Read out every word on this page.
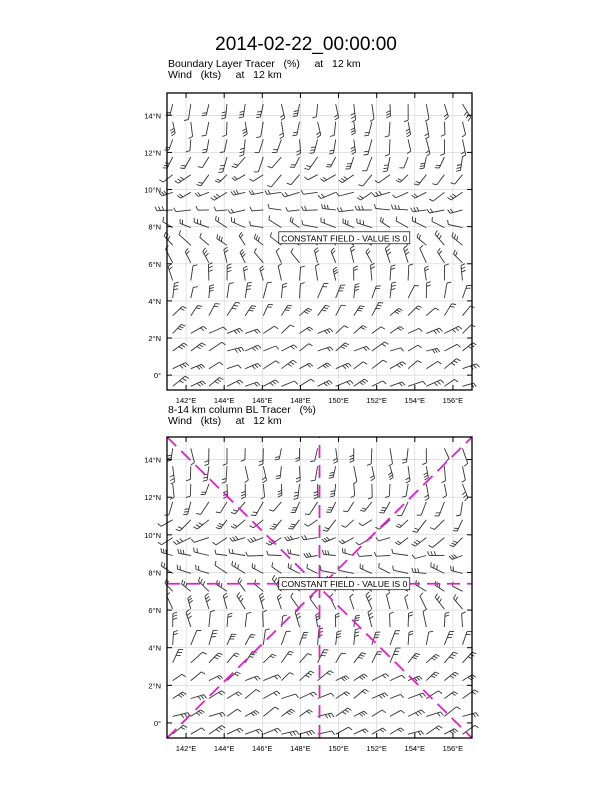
2014-02-22_00:00:00
Boundary Layer Tracer   (%)     at   12 km
Wind   (kts)     at   12 km
8-14 km column BL Tracer   (%)
Wind   (kts)     at   12 km
CONSTANT FIELD - VALUE IS 0
142°E 144°E 146°E 148°E 150°E 152°E 154°E 156°E
0°
2°N
4°N
6°N
8°N
10°N
12°N
14°N
CONSTANT FIELD - VALUE IS 0
142°E 144°E 146°E 148°E 150°E 152°E 154°E 156°E
0°
2°N
4°N
6°N
8°N
10°N
12°N
14°N
